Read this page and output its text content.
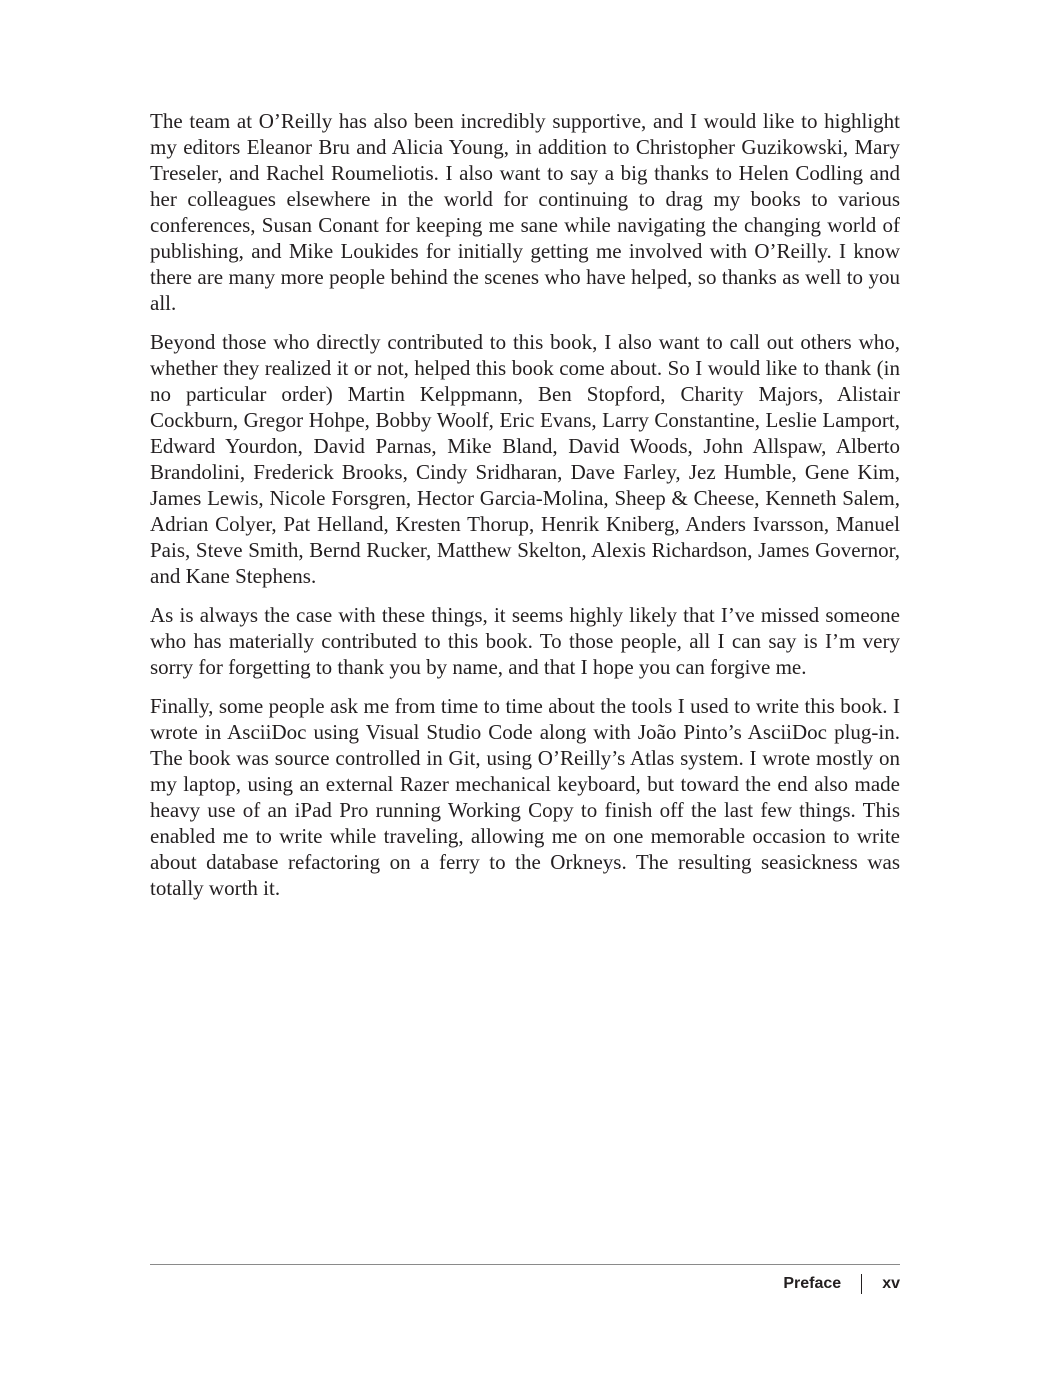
The team at O’Reilly has also been incredibly supportive, and I would like to highlight my editors Eleanor Bru and Alicia Young, in addition to Christopher Guzikowski, Mary Treseler, and Rachel Roumeliotis. I also want to say a big thanks to Helen Codling and her colleagues elsewhere in the world for continuing to drag my books to various conferences, Susan Conant for keeping me sane while navigating the changing world of publishing, and Mike Loukides for initially getting me involved with O’Reilly. I know there are many more people behind the scenes who have helped, so thanks as well to you all.

Beyond those who directly contributed to this book, I also want to call out others who, whether they realized it or not, helped this book come about. So I would like to thank (in no particular order) Martin Kelppmann, Ben Stopford, Charity Majors, Alistair Cockburn, Gregor Hohpe, Bobby Woolf, Eric Evans, Larry Constantine, Leslie Lamport, Edward Yourdon, David Parnas, Mike Bland, David Woods, John Allspaw, Alberto Brandolini, Frederick Brooks, Cindy Sridharan, Dave Farley, Jez Humble, Gene Kim, James Lewis, Nicole Forsgren, Hector Garcia-Molina, Sheep & Cheese, Kenneth Salem, Adrian Colyer, Pat Helland, Kresten Thorup, Henrik Kniberg, Anders Ivarsson, Manuel Pais, Steve Smith, Bernd Rucker, Matthew Skelton, Alexis Richardson, James Governor, and Kane Stephens.

As is always the case with these things, it seems highly likely that I’ve missed someone who has materially contributed to this book. To those people, all I can say is I’m very sorry for forgetting to thank you by name, and that I hope you can forgive me.

Finally, some people ask me from time to time about the tools I used to write this book. I wrote in AsciiDoc using Visual Studio Code along with João Pinto’s AsciiDoc plug-in. The book was source controlled in Git, using O’Reilly’s Atlas system. I wrote mostly on my laptop, using an external Razer mechanical keyboard, but toward the end also made heavy use of an iPad Pro running Working Copy to finish off the last few things. This enabled me to write while traveling, allowing me on one memorable occasion to write about database refactoring on a ferry to the Orkneys. The resulting seasickness was totally worth it.

Preface	xv
